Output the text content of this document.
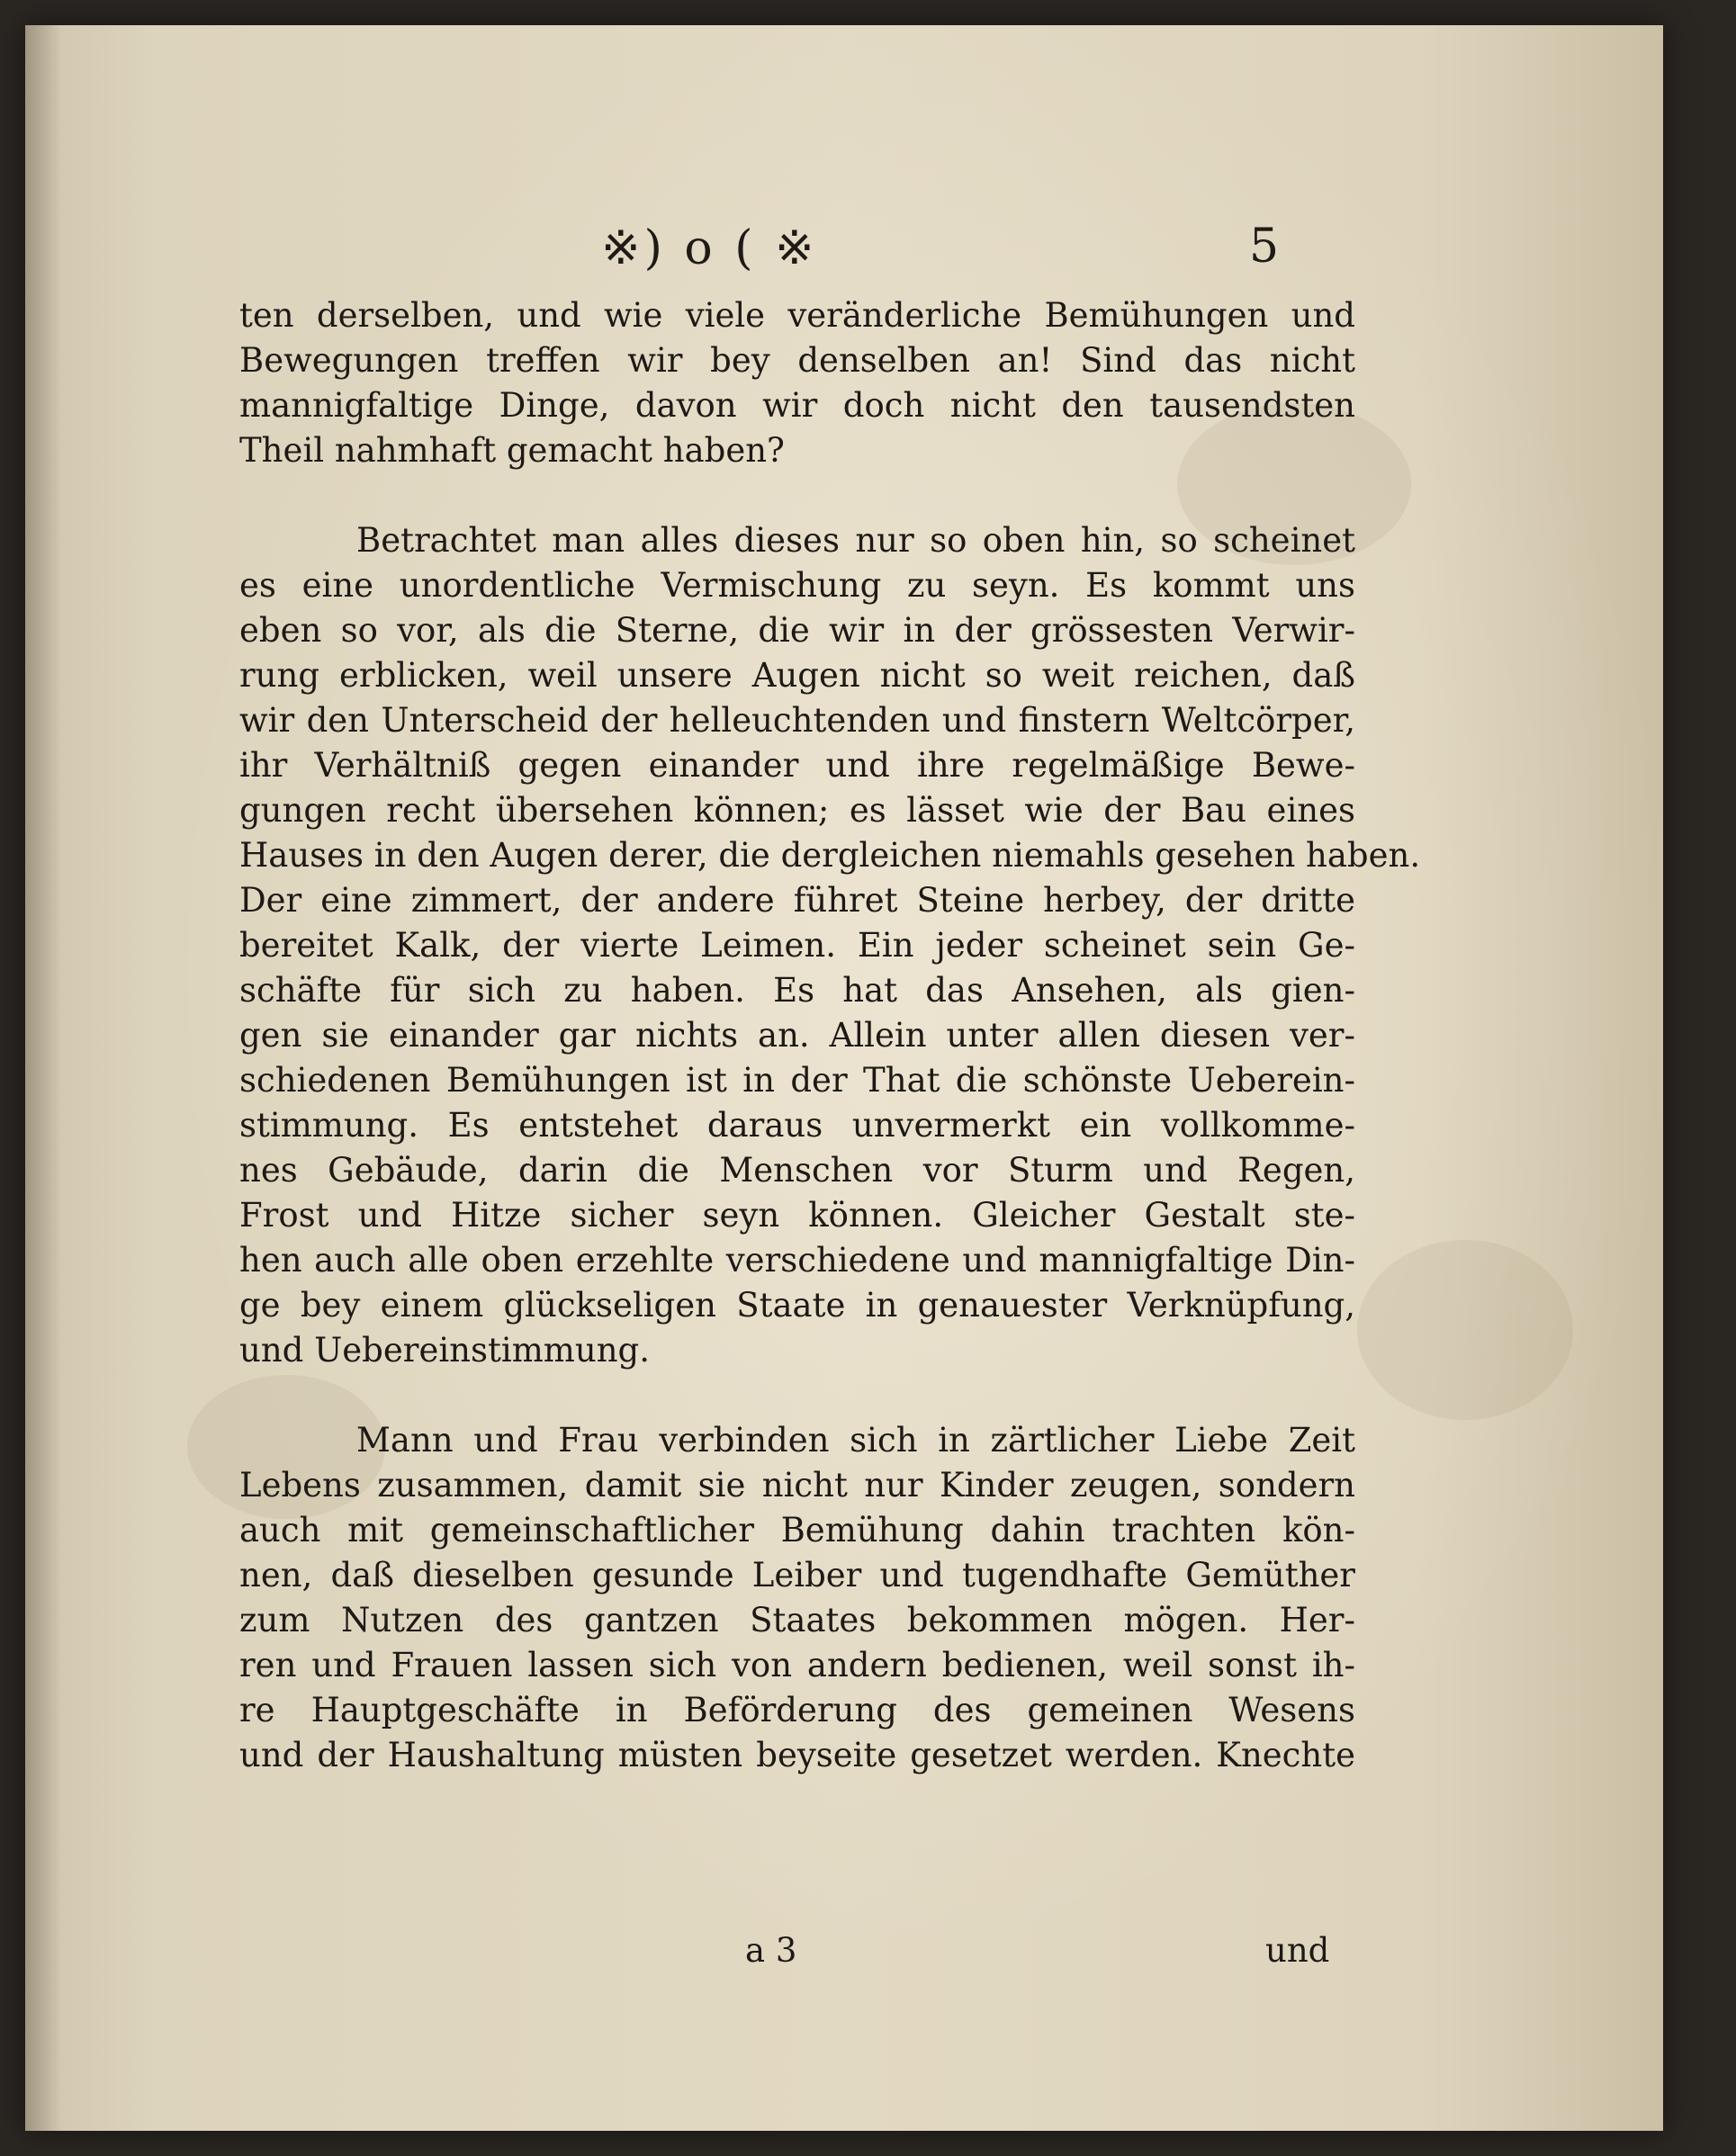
※) o ( ※	5
ten derselben, und wie viele veränderliche Bemühungen und
Bewegungen treffen wir bey denselben an! Sind das nicht
mannigfaltige Dinge, davon wir doch nicht den tausendsten
Theil nahmhaft gemacht haben?
Betrachtet man alles dieses nur so oben hin, so scheinet
es eine unordentliche Vermischung zu seyn. Es kommt uns
eben so vor, als die Sterne, die wir in der grössesten Verwir-
rung erblicken, weil unsere Augen nicht so weit reichen, daß
wir den Unterscheid der helleuchtenden und finstern Weltcörper,
ihr Verhältniß gegen einander und ihre regelmäßige Bewe-
gungen recht übersehen können; es lässet wie der Bau eines
Hauses in den Augen derer, die dergleichen niemahls gesehen haben.
Der eine zimmert, der andere führet Steine herbey, der dritte
bereitet Kalk, der vierte Leimen. Ein jeder scheinet sein Ge-
schäfte für sich zu haben. Es hat das Ansehen, als gien-
gen sie einander gar nichts an. Allein unter allen diesen ver-
schiedenen Bemühungen ist in der That die schönste Ueberein-
stimmung. Es entstehet daraus unvermerkt ein vollkomme-
nes Gebäude, darin die Menschen vor Sturm und Regen,
Frost und Hitze sicher seyn können. Gleicher Gestalt ste-
hen auch alle oben erzehlte verschiedene und mannigfaltige Din-
ge bey einem glückseligen Staate in genauester Verknüpfung,
und Uebereinstimmung.
Mann und Frau verbinden sich in zärtlicher Liebe Zeit
Lebens zusammen, damit sie nicht nur Kinder zeugen, sondern
auch mit gemeinschaftlicher Bemühung dahin trachten kön-
nen, daß dieselben gesunde Leiber und tugendhafte Gemüther
zum Nutzen des gantzen Staates bekommen mögen. Her-
ren und Frauen lassen sich von andern bedienen, weil sonst ih-
re Hauptgeschäfte in Beförderung des gemeinen Wesens
und der Haushaltung müsten beyseite gesetzet werden. Knechte
a 3	und
